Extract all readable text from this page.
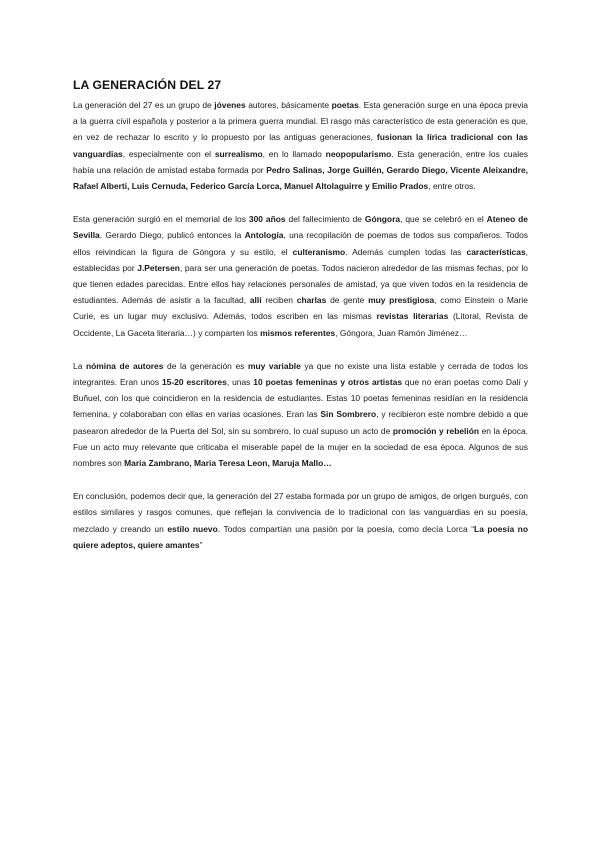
LA GENERACIÓN DEL 27

La generación del 27 es un grupo de jóvenes autores, básicamente poetas. Esta generación surge en una época previa a la guerra civil española y posterior a la primera guerra mundial. El rasgo más característico de esta generación es que, en vez de rechazar lo escrito y lo propuesto por las antiguas generaciones, fusionan la lírica tradicional con las vanguardias, especialmente con el surrealismo, en lo llamado neopopularismo. Esta generación, entre los cuales había una relación de amistad estaba formada por Pedro Salinas, Jorge Guillén, Gerardo Diego, Vicente Aleixandre, Rafael Alberti, Luis Cernuda, Federico García Lorca, Manuel Altolaguirre y Emilio Prados, entre otros.

Esta generación surgió en el memorial de los 300 años del fallecimiento de Góngora, que se celebró en el Ateneo de Sevilla. Gerardo Diego, publicó entonces la Antología, una recopilación de poemas de todos sus compañeros. Todos ellos reivindican la figura de Góngora y su estilo, el culteranismo. Además cumplen todas las características, establecidas por J.Petersen, para ser una generación de poetas. Todos nacieron alrededor de las mismas fechas, por lo que tienen edades parecidas. Entre ellos hay relaciones personales de amistad, ya que viven todos en la residencia de estudiantes. Además de asistir a la facultad, allí reciben charlas de gente muy prestigiosa, como Einstein o Marie Curie, es un lugar muy exclusivo. Además, todos escriben en las mismas revistas literarias (Litoral, Revista de Occidente, La Gaceta literaria…) y comparten los mismos referentes, Góngora, Juan Ramón Jiménez…

La nómina de autores de la generación es muy variable ya que no existe una lista estable y cerrada de todos los integrantes. Eran unos 15-20 escritores, unas 10 poetas femeninas y otros artistas que no eran poetas como Dalí y Buñuel, con los que coincidieron en la residencia de estudiantes. Estas 10 poetas femeninas residían en la residencia femenina, y colaboraban con ellas en varias ocasiones. Eran las Sin Sombrero, y recibieron este nombre debido a que pasearon alrededor de la Puerta del Sol, sin su sombrero, lo cual supuso un acto de promoción y rebelión en la época. Fue un acto muy relevante que criticaba el miserable papel de la mujer en la sociedad de esa época. Algunos de sus nombres son Maria Zambrano, Maria Teresa Leon, Maruja Mallo…

En conclusión, podemos decir que, la generación del 27 estaba formada por un grupo de amigos, de origen burgués, con estilos similares y rasgos comunes, que reflejan la convivencia de lo tradicional con las vanguardias en su poesía, mezclado y creando un estilo nuevo. Todos compartían una pasión por la poesía, como decía Lorca “La poesía no quiere adeptos, quiere amantes”
